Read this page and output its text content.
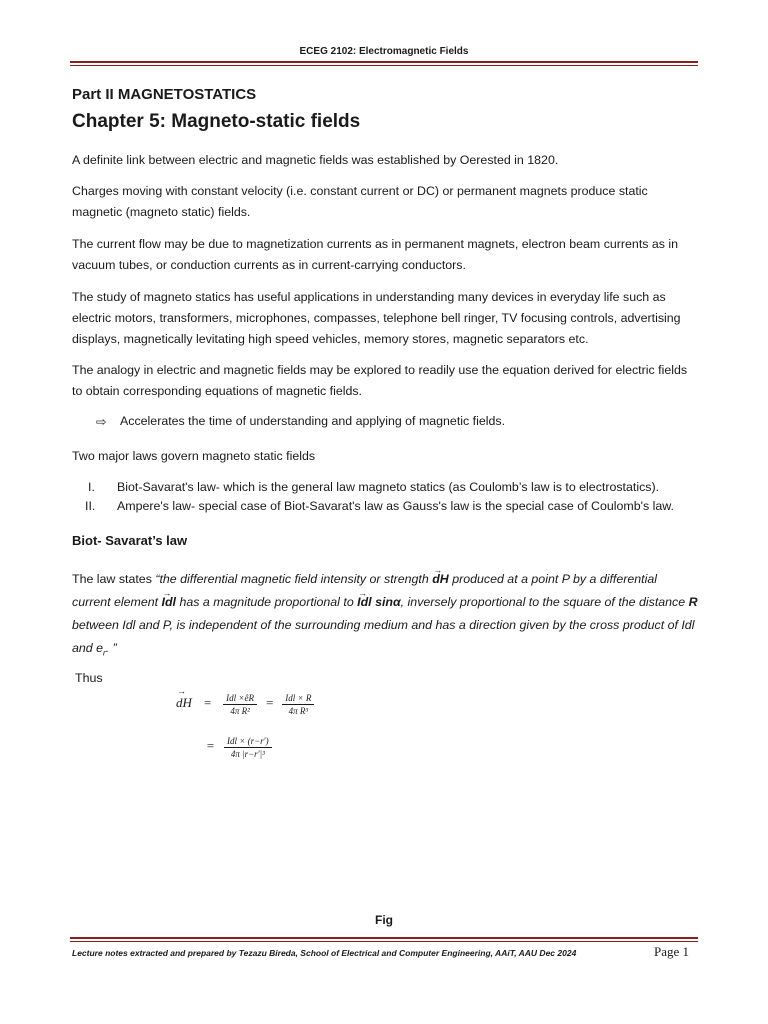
ECEG 2102: Electromagnetic Fields
Part II MAGNETOSTATICS
Chapter 5: Magneto-static fields
A definite link between electric and magnetic fields was established by Oerested in 1820.
Charges moving with constant velocity (i.e. constant current or DC) or permanent magnets produce static magnetic (magneto static) fields.
The current flow may be due to magnetization currents as in permanent magnets, electron beam currents as in vacuum tubes, or conduction currents as in current-carrying conductors.
The study of magneto statics has useful applications in understanding many devices in everyday life such as electric motors, transformers, microphones, compasses, telephone bell ringer, TV focusing controls, advertising displays, magnetically levitating high speed vehicles, memory stores, magnetic separators etc.
The analogy in electric and magnetic fields may be explored to readily use the equation derived for electric fields to obtain corresponding equations of magnetic fields.
⇨ Accelerates the time of understanding and applying of magnetic fields.
Two major laws govern magneto static fields
I. Biot-Savarat's law- which is the general law magneto statics (as Coulomb’s law is to electrostatics).
II. Ampere's law- special case of Biot-Savarat's law as Gauss's law is the special case of Coulomb's law.
Biot- Savarat’s law
The law states “the differential magnetic field intensity or strength → dH produced at a point P by a differential current element → Idl has a magnitude proportional to → Idl sinα, inversely proportional to the square of the distance R between Idl and P, is independent of the surrounding medium and has a direction given by the cross product of Idl and $e_r$. ”
Thus
→ dH = $\frac{\text{Idl ×êR}}{\text{4π R²}} = \frac{\text{Idl × R}}{\text{4π R³}}$
= $\frac{\text{Idl × (r−r′)}}{\text{4π |r−r′|³}}$
Fig
Lecture notes extracted and prepared by Tezazu Bireda, School of Electrical and Computer Engineering, AAiT, AAU Dec 2024	Page 1
